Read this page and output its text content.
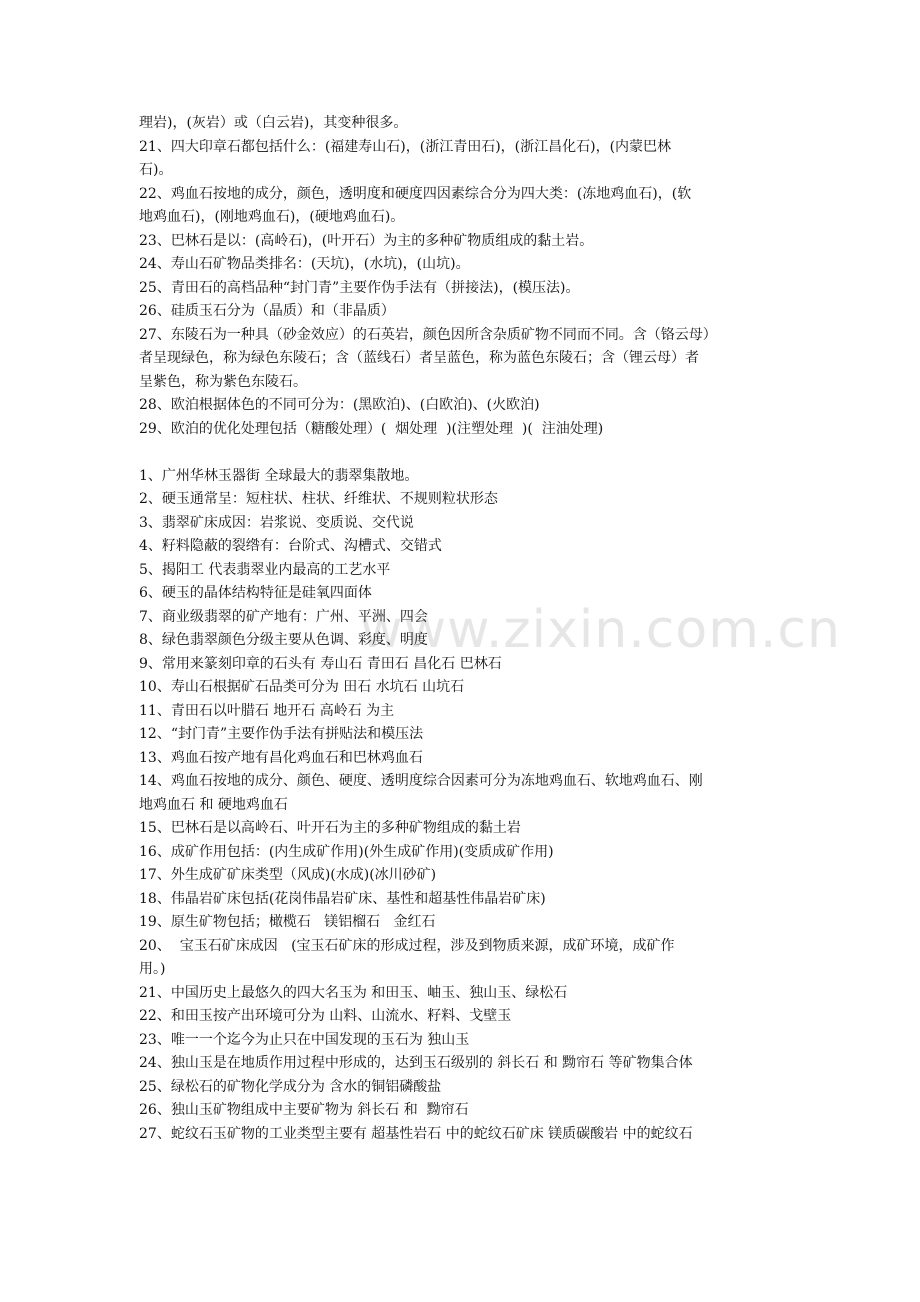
www.zixin.com.cn

理岩)，(灰岩）或（白云岩)，其变种很多。

21、四大印章石都包括什么：(福建寿山石)，(浙江青田石)，(浙江昌化石)，(内蒙巴林

石)。

22、鸡血石按地的成分，颜色，透明度和硬度四因素综合分为四大类：(冻地鸡血石)，(软

地鸡血石)，(刚地鸡血石)，(硬地鸡血石)。

23、巴林石是以：(高岭石)，(叶开石）为主的多种矿物质组成的黏土岩。

24、寿山石矿物品类排名：(天坑)，(水坑)，(山坑)。

25、青田石的高档品种“封门青”主要作伪手法有（拼接法)，(模压法)。

26、硅质玉石分为（晶质）和（非晶质）

27、东陵石为一种具（砂金效应）的石英岩，颜色因所含杂质矿物不同而不同。含（铬云母）

者呈现绿色，称为绿色东陵石；含（蓝线石）者呈蓝色，称为蓝色东陵石；含（锂云母）者

呈紫色，称为紫色东陵石。

28、欧泊根据体色的不同可分为：(黑欧泊)、(白欧泊)、(火欧泊)

29、欧泊的优化处理包括（糖酸处理）(  烟处理  )(注塑处理  )(  注油处理)

1、广州华林玉器街 全球最大的翡翠集散地。

2、硬玉通常呈：短柱状、柱状、纤维状、不规则粒状形态

3、翡翠矿床成因：岩浆说、变质说、交代说

4、籽料隐蔽的裂绺有：台阶式、沟槽式、交错式

5、揭阳工 代表翡翠业内最高的工艺水平

6、硬玉的晶体结构特征是硅氧四面体

7、商业级翡翠的矿产地有：广州、平洲、四会

8、绿色翡翠颜色分级主要从色调、彩度、明度

9、常用来篆刻印章的石头有 寿山石 青田石 昌化石 巴林石

10、寿山石根据矿石品类可分为 田石 水坑石 山坑石

11、青田石以叶腊石 地开石 高岭石 为主

12、“封门青”主要作伪手法有拼贴法和模压法

13、鸡血石按产地有昌化鸡血石和巴林鸡血石

14、鸡血石按地的成分、颜色、硬度、透明度综合因素可分为冻地鸡血石、软地鸡血石、刚

地鸡血石 和 硬地鸡血石

15、巴林石是以高岭石、叶开石为主的多种矿物组成的黏土岩

16、成矿作用包括：(内生成矿作用)(外生成矿作用)(变质成矿作用)

17、外生成矿矿床类型（风成)(水成)(冰川砂矿)

18、伟晶岩矿床包括(花岗伟晶岩矿床、基性和超基性伟晶岩矿床)

19、原生矿物包括；橄榄石   镁铝榴石   金红石

20、  宝玉石矿床成因   (宝玉石矿床的形成过程，涉及到物质来源，成矿环境，成矿作

用。)

21、中国历史上最悠久的四大名玉为 和田玉、岫玉、独山玉、绿松石

22、和田玉按产出环境可分为 山料、山流水、籽料、戈壁玉

23、唯一一个迄今为止只在中国发现的玉石为 独山玉

24、独山玉是在地质作用过程中形成的，达到玉石级别的 斜长石 和 黝帘石 等矿物集合体

25、绿松石的矿物化学成分为 含水的铜铝磷酸盐

26、独山玉矿物组成中主要矿物为 斜长石 和  黝帘石

27、蛇纹石玉矿物的工业类型主要有 超基性岩石 中的蛇纹石矿床 镁质碳酸岩 中的蛇纹石
